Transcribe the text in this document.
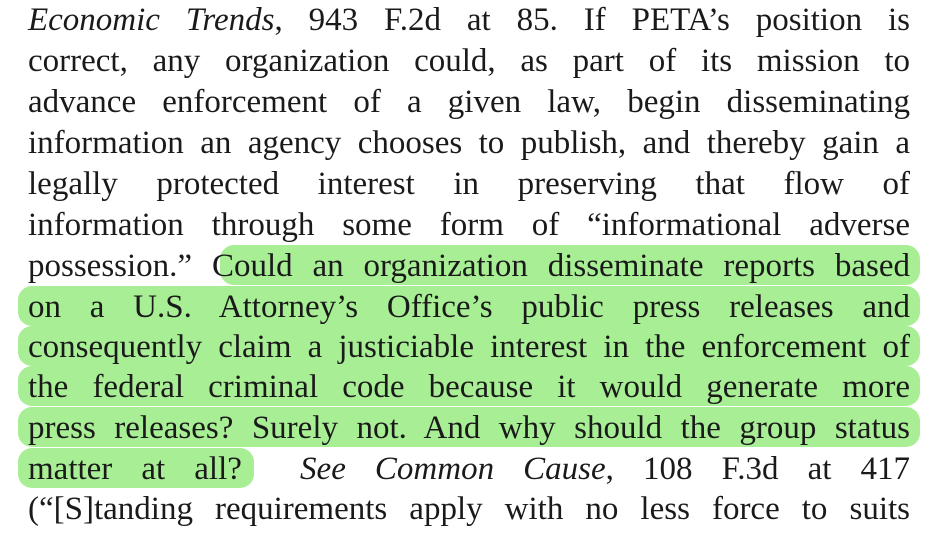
Economic Trends, 943 F.2d at 85. If PETA’s position is
correct, any organization could, as part of its mission to
advance enforcement of a given law, begin disseminating
information an agency chooses to publish, and thereby gain a
legally protected interest in preserving that flow of
information through some form of “informational adverse
possession.” Could an organization disseminate reports based
on a U.S. Attorney’s Office’s public press releases and
consequently claim a justiciable interest in the enforcement of
the federal criminal code because it would generate more
press releases? Surely not. And why should the group status
matter at all? See Common Cause, 108 F.3d at 417
(“[S]tanding requirements apply with no less force to suits
